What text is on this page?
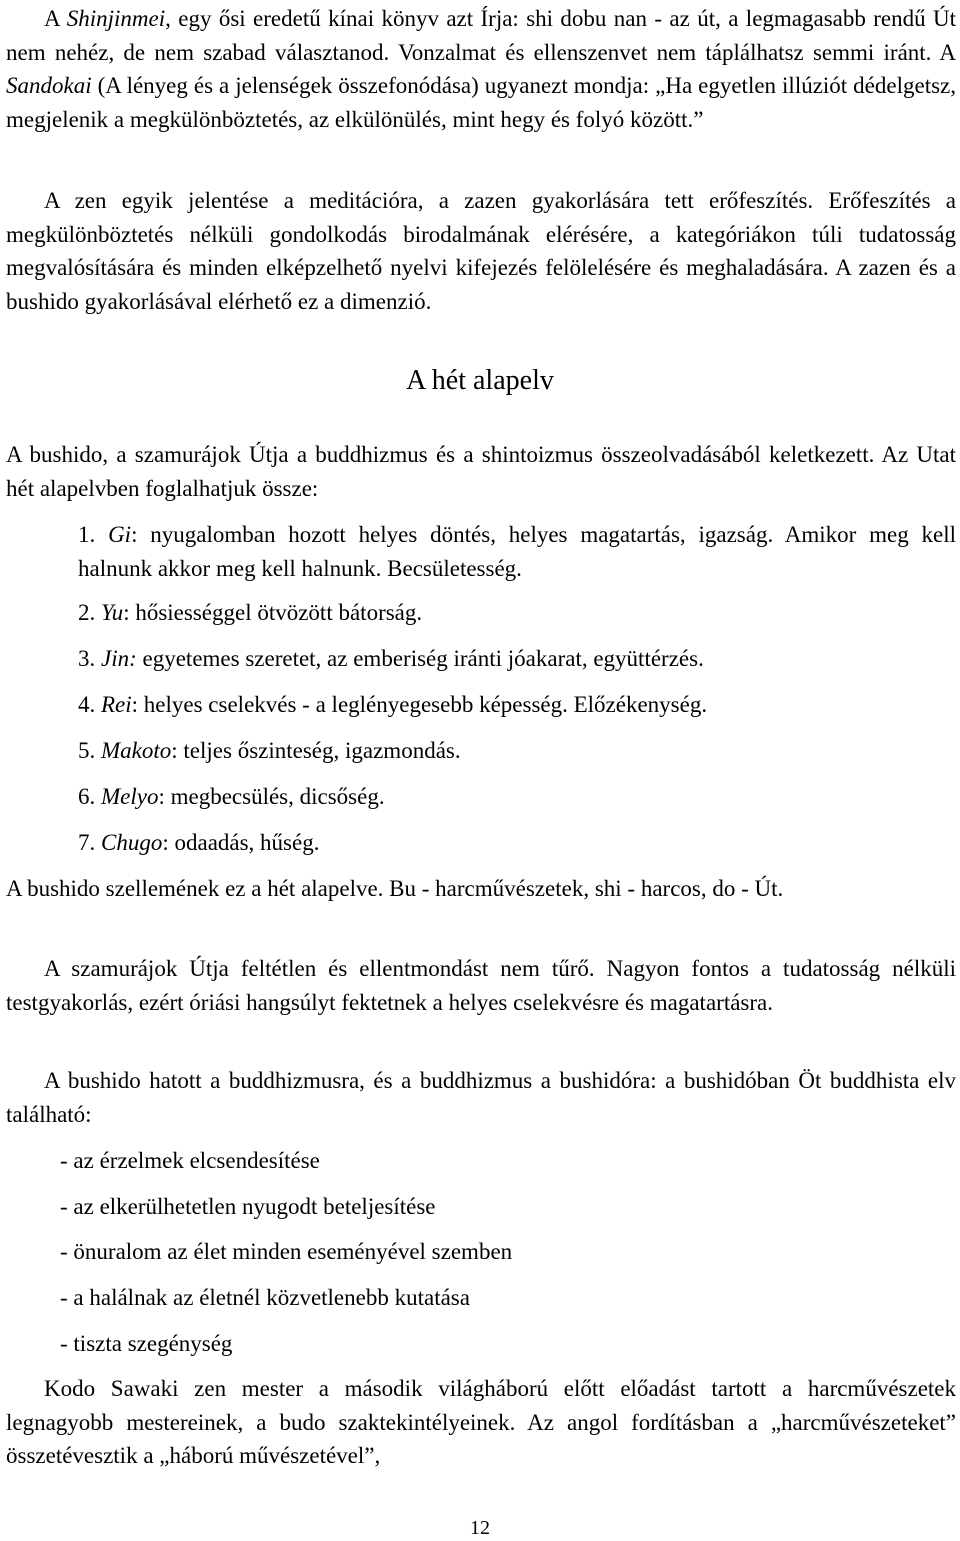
A Shinjinmei, egy ősi eredetű kínai könyv azt Írja: shi dobu nan - az út, a legmagasabb rendű Út nem nehéz, de nem szabad választanod. Vonzalmat és ellenszenvet nem táplálhatsz semmi iránt. A Sandokai (A lényeg és a jelenségek összefonódása) ugyanezt mondja: „Ha egyetlen illúziót dédelgetsz, megjelenik a megkülönböztetés, az elkülönülés, mint hegy és folyó között.”

A zen egyik jelentése a meditációra, a zazen gyakorlására tett erőfeszítés. Erőfeszítés a megkülönböztetés nélküli gondolkodás birodalmának elérésére, a kategóriákon túli tudatosság megvalósítására és minden elképzelhető nyelvi kifejezés felölelésére és meghaladására. A zazen és a bushido gyakorlásával elérhető ez a dimenzió.

A hét alapelv

A bushido, a szamurájok Útja a buddhizmus és a shintoizmus összeolvadásából keletkezett. Az Utat hét alapelvben foglalhatjuk össze:

1. Gi: nyugalomban hozott helyes döntés, helyes magatartás, igazság. Amikor meg kell halnunk akkor meg kell halnunk. Becsületesség.

2. Yu: hősiességgel ötvözött bátorság.

3. Jin: egyetemes szeretet, az emberiség iránti jóakarat, együttérzés.

4. Rei: helyes cselekvés - a leglényegesebb képesség. Előzékenység.

5. Makoto: teljes őszinteség, igazmondás.

6. Melyo: megbecsülés, dicsőség.

7. Chugo: odaadás, hűség.

A bushido szellemének ez a hét alapelve. Bu - harcművészetek, shi - harcos, do - Út.

A szamurájok Útja feltétlen és ellentmondást nem tűrő. Nagyon fontos a tudatosság nélküli testgyakorlás, ezért óriási hangsúlyt fektetnek a helyes cselekvésre és magatartásra.

A bushido hatott a buddhizmusra, és a buddhizmus a bushidóra: a bushidóban Öt buddhista elv található:

- az érzelmek elcsendesítése

- az elkerülhetetlen nyugodt beteljesítése

- önuralom az élet minden eseményével szemben

- a halálnak az életnél közvetlenebb kutatása

- tiszta szegénység

Kodo Sawaki zen mester a második világháború előtt előadást tartott a harcművészetek legnagyobb mestereinek, a budo szaktekintélyeinek. Az angol fordításban a „harcművészeteket” összetévesztik a „háború művészetével”,

12
